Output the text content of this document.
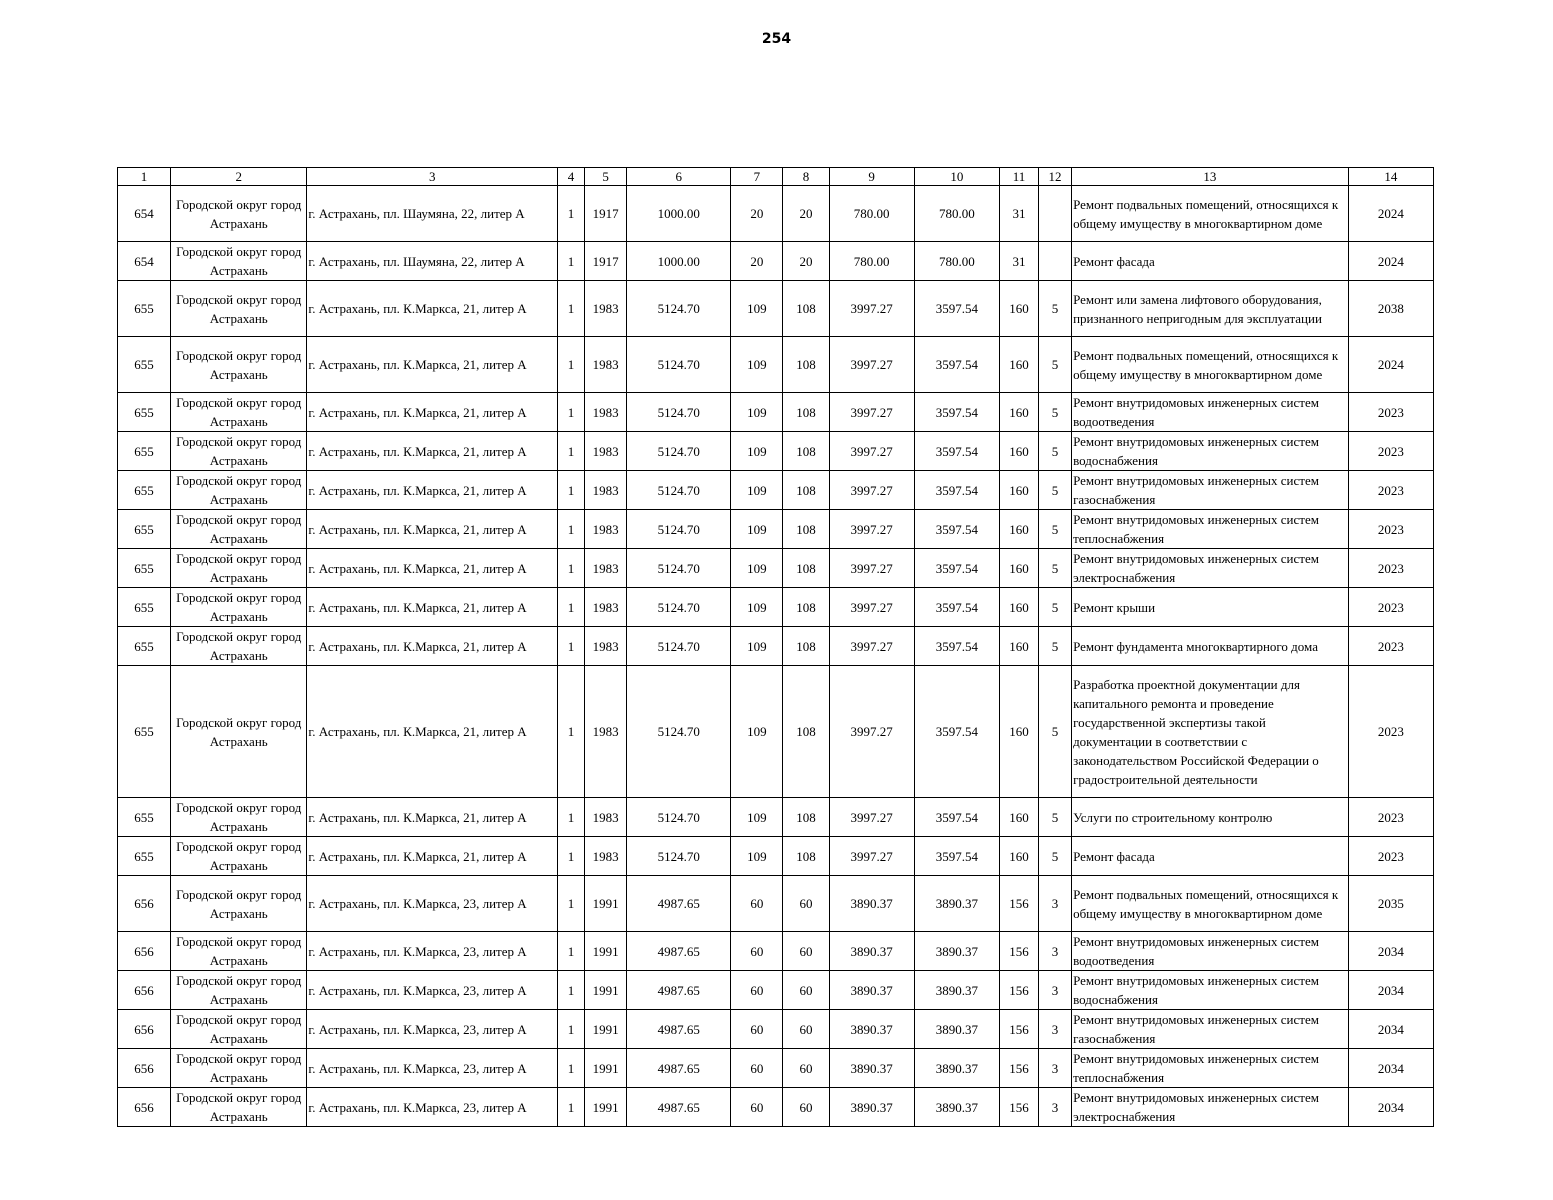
254
1	2	3	4	5	6	7	8	9	10	11	12	13	14
654	Городской округ город Астрахань	г. Астрахань, пл. Шаумяна, 22, литер А	1	1917	1000.00	20	20	780.00	780.00	31		Ремонт подвальных помещений, относящихся к общему имуществу в многоквартирном доме	2024
654	Городской округ город Астрахань	г. Астрахань, пл. Шаумяна, 22, литер А	1	1917	1000.00	20	20	780.00	780.00	31		Ремонт фасада	2024
655	Городской округ город Астрахань	г. Астрахань, пл. К.Маркса, 21, литер А	1	1983	5124.70	109	108	3997.27	3597.54	160	5	Ремонт или замена лифтового оборудования, признанного непригодным для эксплуатации	2038
655	Городской округ город Астрахань	г. Астрахань, пл. К.Маркса, 21, литер А	1	1983	5124.70	109	108	3997.27	3597.54	160	5	Ремонт подвальных помещений, относящихся к общему имуществу в многоквартирном доме	2024
655	Городской округ город Астрахань	г. Астрахань, пл. К.Маркса, 21, литер А	1	1983	5124.70	109	108	3997.27	3597.54	160	5	Ремонт внутридомовых инженерных систем водоотведения	2023
655	Городской округ город Астрахань	г. Астрахань, пл. К.Маркса, 21, литер А	1	1983	5124.70	109	108	3997.27	3597.54	160	5	Ремонт внутридомовых инженерных систем водоснабжения	2023
655	Городской округ город Астрахань	г. Астрахань, пл. К.Маркса, 21, литер А	1	1983	5124.70	109	108	3997.27	3597.54	160	5	Ремонт внутридомовых инженерных систем газоснабжения	2023
655	Городской округ город Астрахань	г. Астрахань, пл. К.Маркса, 21, литер А	1	1983	5124.70	109	108	3997.27	3597.54	160	5	Ремонт внутридомовых инженерных систем теплоснабжения	2023
655	Городской округ город Астрахань	г. Астрахань, пл. К.Маркса, 21, литер А	1	1983	5124.70	109	108	3997.27	3597.54	160	5	Ремонт внутридомовых инженерных систем электроснабжения	2023
655	Городской округ город Астрахань	г. Астрахань, пл. К.Маркса, 21, литер А	1	1983	5124.70	109	108	3997.27	3597.54	160	5	Ремонт крыши	2023
655	Городской округ город Астрахань	г. Астрахань, пл. К.Маркса, 21, литер А	1	1983	5124.70	109	108	3997.27	3597.54	160	5	Ремонт фундамента многоквартирного дома	2023
655	Городской округ город Астрахань	г. Астрахань, пл. К.Маркса, 21, литер А	1	1983	5124.70	109	108	3997.27	3597.54	160	5	Разработка проектной документации для капитального ремонта и проведение государственной экспертизы такой документации в соответствии с законодательством Российской Федерации о градостроительной деятельности	2023
655	Городской округ город Астрахань	г. Астрахань, пл. К.Маркса, 21, литер А	1	1983	5124.70	109	108	3997.27	3597.54	160	5	Услуги по строительному контролю	2023
655	Городской округ город Астрахань	г. Астрахань, пл. К.Маркса, 21, литер А	1	1983	5124.70	109	108	3997.27	3597.54	160	5	Ремонт фасада	2023
656	Городской округ город Астрахань	г. Астрахань, пл. К.Маркса, 23, литер А	1	1991	4987.65	60	60	3890.37	3890.37	156	3	Ремонт подвальных помещений, относящихся к общему имуществу в многоквартирном доме	2035
656	Городской округ город Астрахань	г. Астрахань, пл. К.Маркса, 23, литер А	1	1991	4987.65	60	60	3890.37	3890.37	156	3	Ремонт внутридомовых инженерных систем водоотведения	2034
656	Городской округ город Астрахань	г. Астрахань, пл. К.Маркса, 23, литер А	1	1991	4987.65	60	60	3890.37	3890.37	156	3	Ремонт внутридомовых инженерных систем водоснабжения	2034
656	Городской округ город Астрахань	г. Астрахань, пл. К.Маркса, 23, литер А	1	1991	4987.65	60	60	3890.37	3890.37	156	3	Ремонт внутридомовых инженерных систем газоснабжения	2034
656	Городской округ город Астрахань	г. Астрахань, пл. К.Маркса, 23, литер А	1	1991	4987.65	60	60	3890.37	3890.37	156	3	Ремонт внутридомовых инженерных систем теплоснабжения	2034
656	Городской округ город Астрахань	г. Астрахань, пл. К.Маркса, 23, литер А	1	1991	4987.65	60	60	3890.37	3890.37	156	3	Ремонт внутридомовых инженерных систем электроснабжения	2034
